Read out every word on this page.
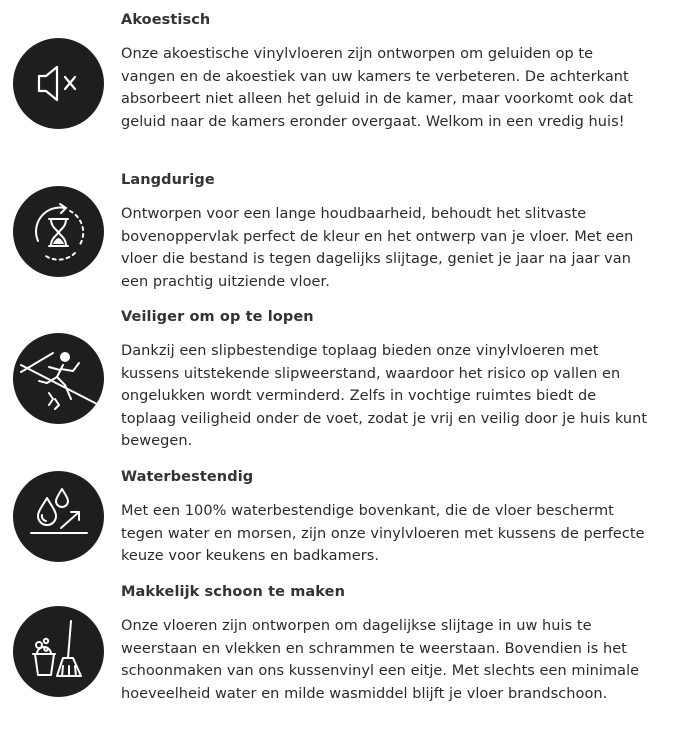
Akoestisch

Onze akoestische vinylvloeren zijn ontworpen om geluiden op te vangen en de akoestiek van uw kamers te verbeteren. De achterkant absorbeert niet alleen het geluid in de kamer, maar voorkomt ook dat geluid naar de kamers eronder overgaat. Welkom in een vredig huis!

Langdurige

Ontworpen voor een lange houdbaarheid, behoudt het slitvaste bovenoppervlak perfect de kleur en het ontwerp van je vloer. Met een vloer die bestand is tegen dagelijks slijtage, geniet je jaar na jaar van een prachtig uitziende vloer.

Veiliger om op te lopen

Dankzij een slipbestendige toplaag bieden onze vinylvloeren met kussens uitstekende slipweerstand, waardoor het risico op vallen en ongelukken wordt verminderd. Zelfs in vochtige ruimtes biedt de toplaag veiligheid onder de voet, zodat je vrij en veilig door je huis kunt bewegen.

Waterbestendig

Met een 100% waterbestendige bovenkant, die de vloer beschermt tegen water en morsen, zijn onze vinylvloeren met kussens de perfecte keuze voor keukens en badkamers.

Makkelijk schoon te maken

Onze vloeren zijn ontworpen om dagelijkse slijtage in uw huis te weerstaan en vlekken en schrammen te weerstaan. Bovendien is het schoonmaken van ons kussenvinyl een eitje. Met slechts een minimale hoeveelheid water en milde wasmiddel blijft je vloer brandschoon.
